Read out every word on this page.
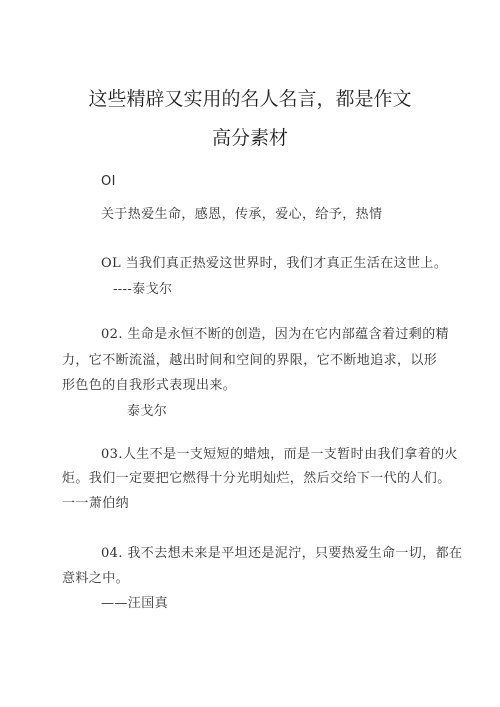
这些精辟又实用的名人名言，都是作文
高分素材
OI
关于热爱生命，感恩，传承，爱心，给予，热情
OL 当我们真正热爱这世界时，我们才真正生活在这世上。
----泰戈尔
02. 生命是永恒不断的创造，因为在它内部蕴含着过剩的精
力，它不断流溢，越出时间和空间的界限，它不断地追求，以形
形色色的自我形式表现出来。
泰戈尔
03.人生不是一支短短的蜡烛，而是一支暂时由我们拿着的火
炬。我们一定要把它燃得十分光明灿烂，然后交给下一代的人们。
一一萧伯纳
04. 我不去想未来是平坦还是泥泞，只要热爱生命一切，都在
意料之中。
——汪国真
